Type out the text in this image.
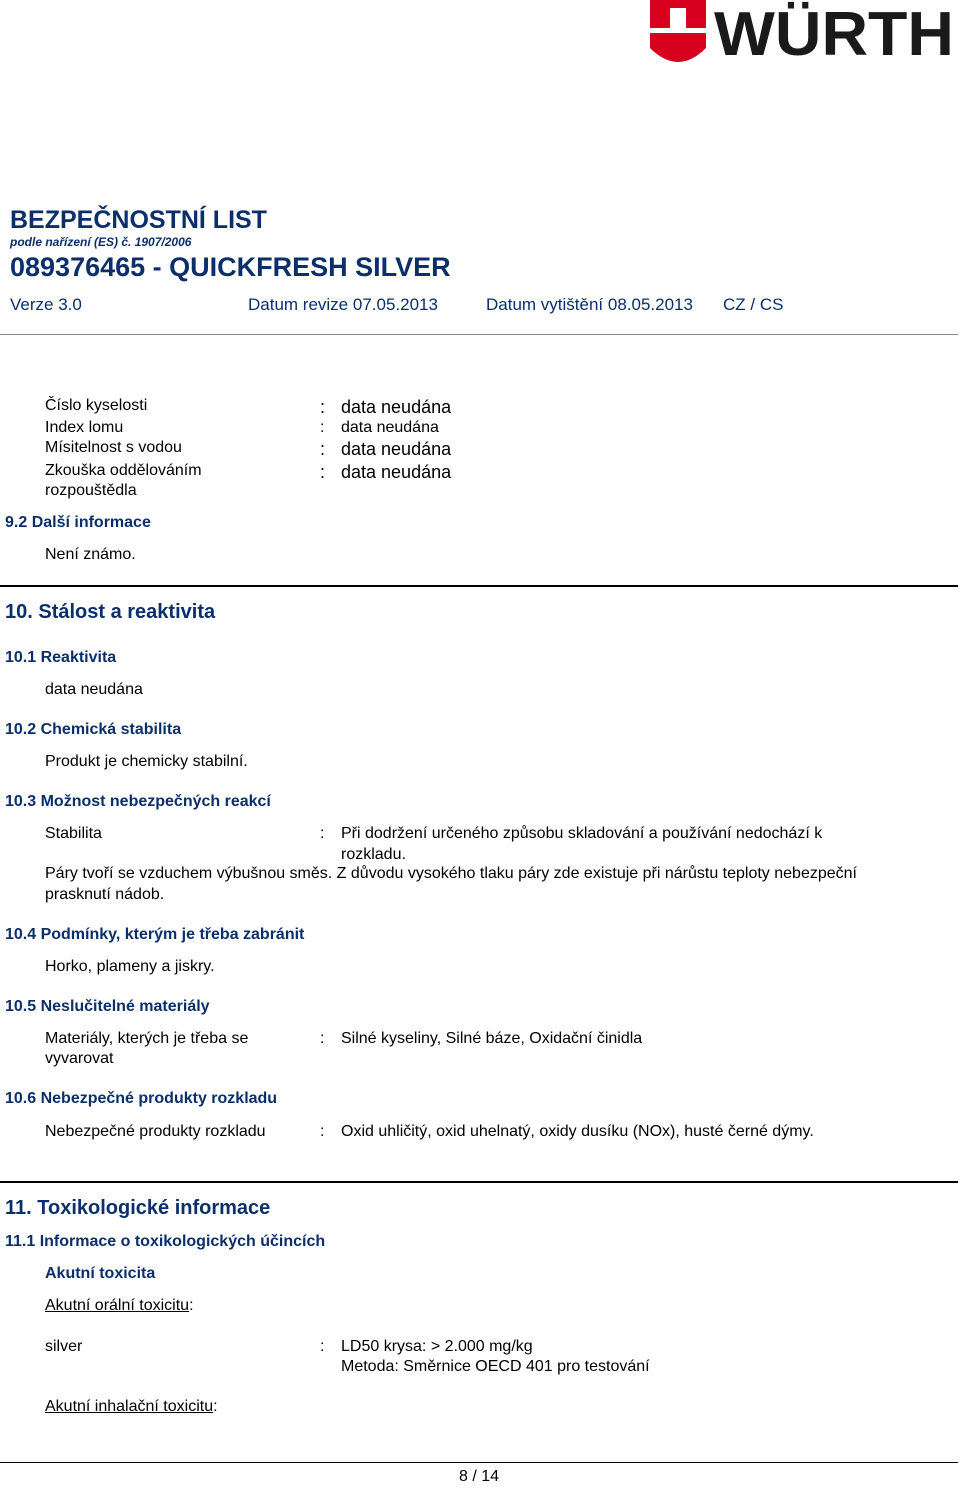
WÜRTH
BEZPEČNOSTNÍ LIST
podle nařízení (ES) č. 1907/2006
089376465 - QUICKFRESH SILVER
Verze 3.0	Datum revize 07.05.2013	Datum vytištění 08.05.2013 CZ / CS
Číslo kyselosti	: data neudána
Index lomu	: data neudána
Mísitelnost s vodou	: data neudána
Zkouška oddělováním
rozpouštědla
: data neudána
9.2 Další informace
Není známo.
10. Stálost a reaktivita
10.1 Reaktivita
data neudána
10.2 Chemická stabilita
Produkt je chemicky stabilní.
10.3 Možnost nebezpečných reakcí
Stabilita	: Při dodržení určeného způsobu skladování a používání nedochází k
rozkladu.
Páry tvoří se vzduchem výbušnou směs. Z důvodu vysokého tlaku páry zde existuje při nárůstu teploty nebezpeční
prasknutí nádob.
10.4 Podmínky, kterým je třeba zabránit
Horko, plameny a jiskry.
10.5 Neslučitelné materiály
Materiály, kterých je třeba se
vyvarovat
: Silné kyseliny, Silné báze, Oxidační činidla
10.6 Nebezpečné produkty rozkladu
Nebezpečné produkty rozkladu	: Oxid uhličitý, oxid uhelnatý, oxidy dusíku (NOx), husté černé dýmy.
11. Toxikologické informace
11.1 Informace o toxikologických účincích
Akutní toxicita
Akutní orální toxicitu:
silver	: LD50 krysa: > 2.000 mg/kg
Metoda: Směrnice OECD 401 pro testování
Akutní inhalační toxicitu:
8 / 14
